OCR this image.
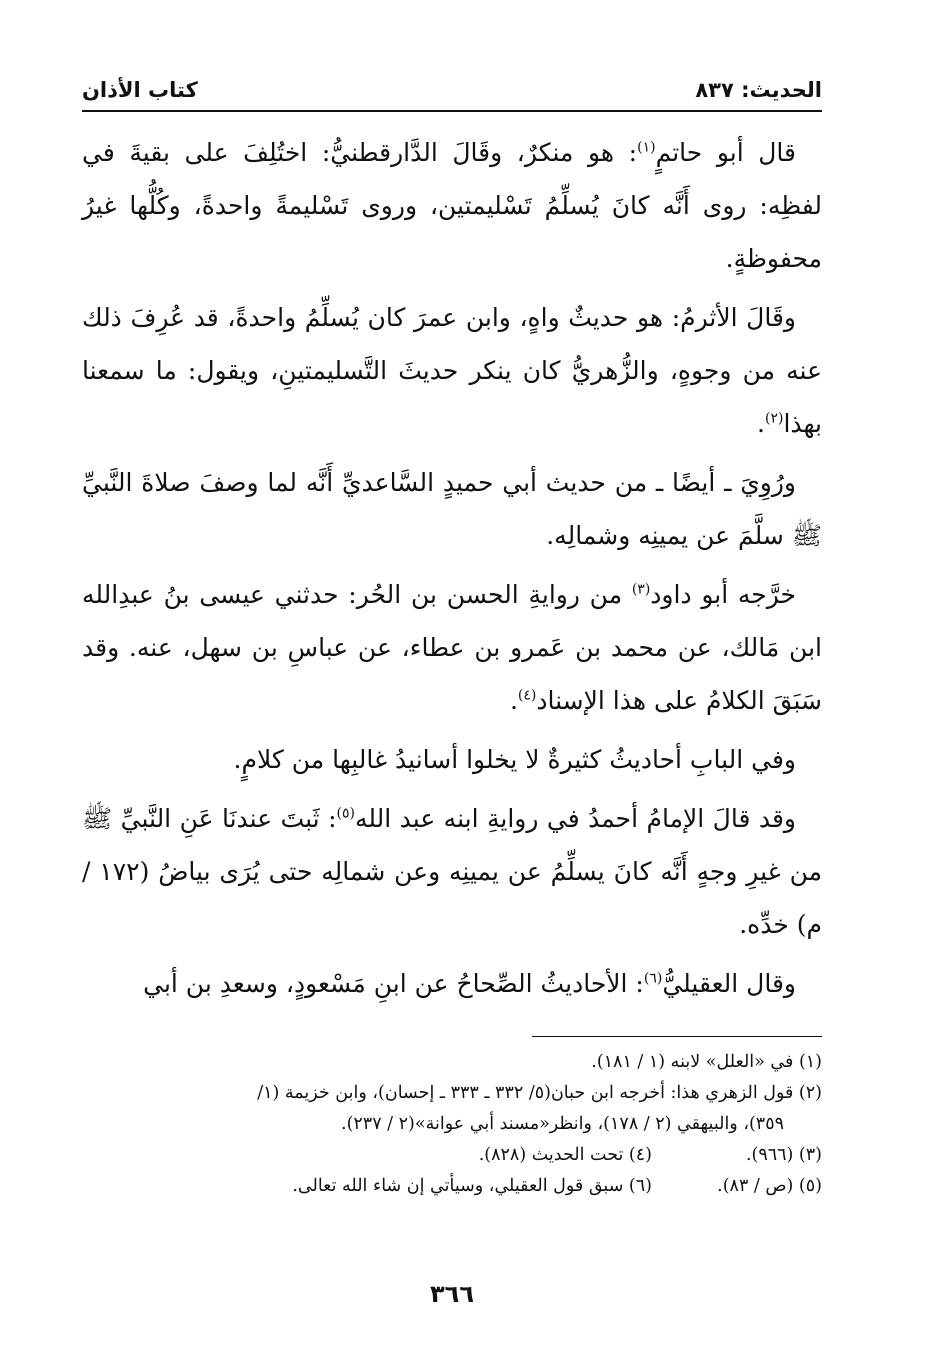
الحديث: ٨٣٧
كتاب الأذان

قال أبو حاتمٍ$^{(١)}$: هو منكرٌ، وقَالَ الدَّارقطنيُّ: اختُلِفَ على بقيةَ في لفظِه: روى أَنَّه كانَ يُسلِّمُ تَسْليمتين، وروى تَسْليمةً واحدةً، وكُلُّها غيرُ محفوظةٍ.

وقَالَ الأثرمُ: هو حديثٌ واهٍ، وابن عمرَ كان يُسلِّمُ واحدةً، قد عُرِفَ ذلك عنه من وجوهٍ، والزُّهريُّ كان ينكر حديثَ التَّسليمتينِ، ويقول: ما سمعنا بهذا$^{(٢)}$.

ورُوِيَ ـ أيضًا ـ من حديث أبي حميدٍ السَّاعديِّ أَنَّه لما وصفَ صلاةَ النَّبيِّ ﷺ سلَّمَ عن يمينِه وشمالِه.

خرَّجه أبو داود$^{(٣)}$ من روايةِ الحسن بن الحُر: حدثني عيسى بنُ عبدِالله ابن مَالك، عن محمد بن عَمرو بن عطاء، عن عباسِ بن سهل، عنه. وقد سَبَقَ الكلامُ على هذا الإسناد$^{(٤)}$.

وفي البابِ أحاديثُ كثيرةٌ لا يخلوا أسانيدُ غالبِها من كلامٍ.

وقد قالَ الإمامُ أحمدُ في روايةِ ابنه عبد الله$^{(٥)}$: ثَبتَ عندنَا عَنِ النَّبيِّ ﷺ من غيرِ وجهٍ أَنَّه كانَ يسلِّمُ عن يمينِه وعن شمالِه حتى يُرَى بياضُ (١٧٢ / م) خدِّه.

وقال العقيليُّ$^{(٦)}$: الأحاديثُ الصِّحاحُ عن ابنِ مَسْعودٍ، وسعدِ بن أبي

(١) في «العلل» لابنه (١ / ١٨١).

(٢) قول الزهري هذا: أخرجه ابن حبان(٥/ ٣٣٢ ـ ٣٣٣ ـ إحسان)، وابن خزيمة (١/

٣٥٩)، والبيهقي (٢ / ١٧٨)، وانظر«مسند أبي عوانة»(٢ / ٢٣٧).

(٣) (٩٦٦).
(٤) تحت الحديث (٨٢٨).
(٥) (ص / ٨٣).
(٦) سبق قول العقيلي، وسيأتي إن شاء الله تعالى.
٣٦٦
